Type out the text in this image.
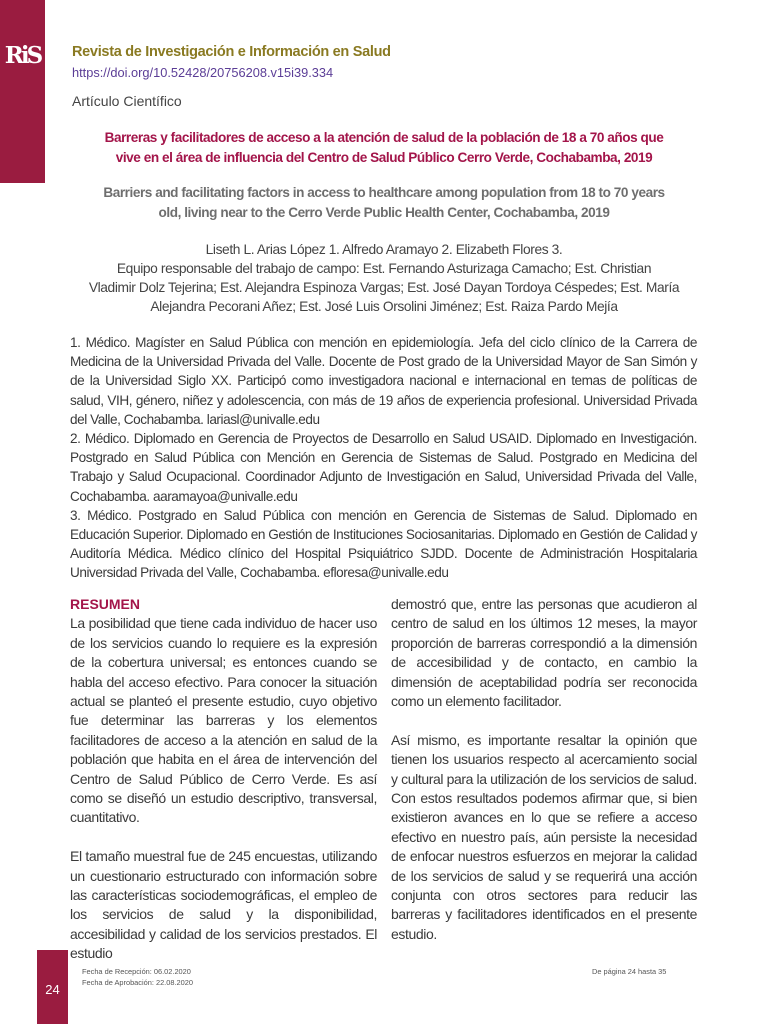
RiS	Revista de Investigación e Información en Salud
https://doi.org/10.52428/20756208.v15i39.334
Artículo Científico
Barreras y facilitadores de acceso a la atención de salud de la población de 18 a 70 años que
vive en el área de influencia del Centro de Salud Público Cerro Verde, Cochabamba, 2019
Barriers and facilitating factors in access to healthcare among population from 18 to 70 years
old, living near to the Cerro Verde Public Health Center, Cochabamba, 2019
Liseth L. Arias López 1. Alfredo Aramayo 2. Elizabeth Flores 3.
Equipo responsable del trabajo de campo: Est. Fernando Asturizaga Camacho; Est. Christian
Vladimir Dolz Tejerina; Est. Alejandra Espinoza Vargas; Est. José Dayan Tordoya Céspedes; Est. María
Alejandra Pecorani Añez; Est. José Luis Orsolini Jiménez; Est. Raiza Pardo Mejía

1. Médico. Magíster en Salud Pública con mención en epidemiología. Jefa del ciclo clínico de la Carrera de Medicina de la Universidad Privada del Valle. Docente de Post grado de la Universidad Mayor de San Simón y de la Universidad Siglo XX. Participó como investigadora nacional e internacional en temas de políticas de salud, VIH, género, niñez y adolescencia, con más de 19 años de experiencia profesional. Universidad Privada del Valle, Cochabamba. lariasl@univalle.edu

2. Médico. Diplomado en Gerencia de Proyectos de Desarrollo en Salud USAID. Diplomado en Investigación. Postgrado en Salud Pública con Mención en Gerencia de Sistemas de Salud. Postgrado en Medicina del Trabajo y Salud Ocupacional. Coordinador Adjunto de Investigación en Salud, Universidad Privada del Valle, Cochabamba. aaramayoa@univalle.edu

3. Médico. Postgrado en Salud Pública con mención en Gerencia de Sistemas de Salud. Diplomado en Educación Superior. Diplomado en Gestión de Instituciones Sociosanitarias. Diplomado en Gestión de Calidad y Auditoría Médica. Médico clínico del Hospital Psiquiátrico SJDD. Docente de Administración Hospitalaria Universidad Privada del Valle, Cochabamba. efloresa@univalle.edu

RESUMEN

La posibilidad que tiene cada individuo de hacer uso de los servicios cuando lo requiere es la expresión de la cobertura universal; es entonces cuando se habla del acceso efectivo. Para conocer la situación actual se planteó el presente estudio, cuyo objetivo fue determinar las barreras y los elementos facilitadores de acceso a la atención en salud de la población que habita en el área de intervención del Centro de Salud Público de Cerro Verde. Es así como se diseñó un estudio descriptivo, transversal, cuantitativo.

El tamaño muestral fue de 245 encuestas, utilizando un cuestionario estructurado con información sobre las características sociodemográficas, el empleo de los servicios de salud y la disponibilidad, accesibilidad y calidad de los servicios prestados. El estudio

demostró que, entre las personas que acudieron al centro de salud en los últimos 12 meses, la mayor proporción de barreras correspondió a la dimensión de accesibilidad y de contacto, en cambio la dimensión de aceptabilidad podría ser reconocida como un elemento facilitador.

Así mismo, es importante resaltar la opinión que tienen los usuarios respecto al acercamiento social y cultural para la utilización de los servicios de salud. Con estos resultados podemos afirmar que, si bien existieron avances en lo que se refiere a acceso efectivo en nuestro país, aún persiste la necesidad de enfocar nuestros esfuerzos en mejorar la calidad de los servicios de salud y se requerirá una acción conjunta con otros sectores para reducir las barreras y facilitadores identificados en el presente estudio.

24
Fecha de Recepción: 06.02.2020
Fecha de Aprobación: 22.08.2020
De página 24 hasta 35
